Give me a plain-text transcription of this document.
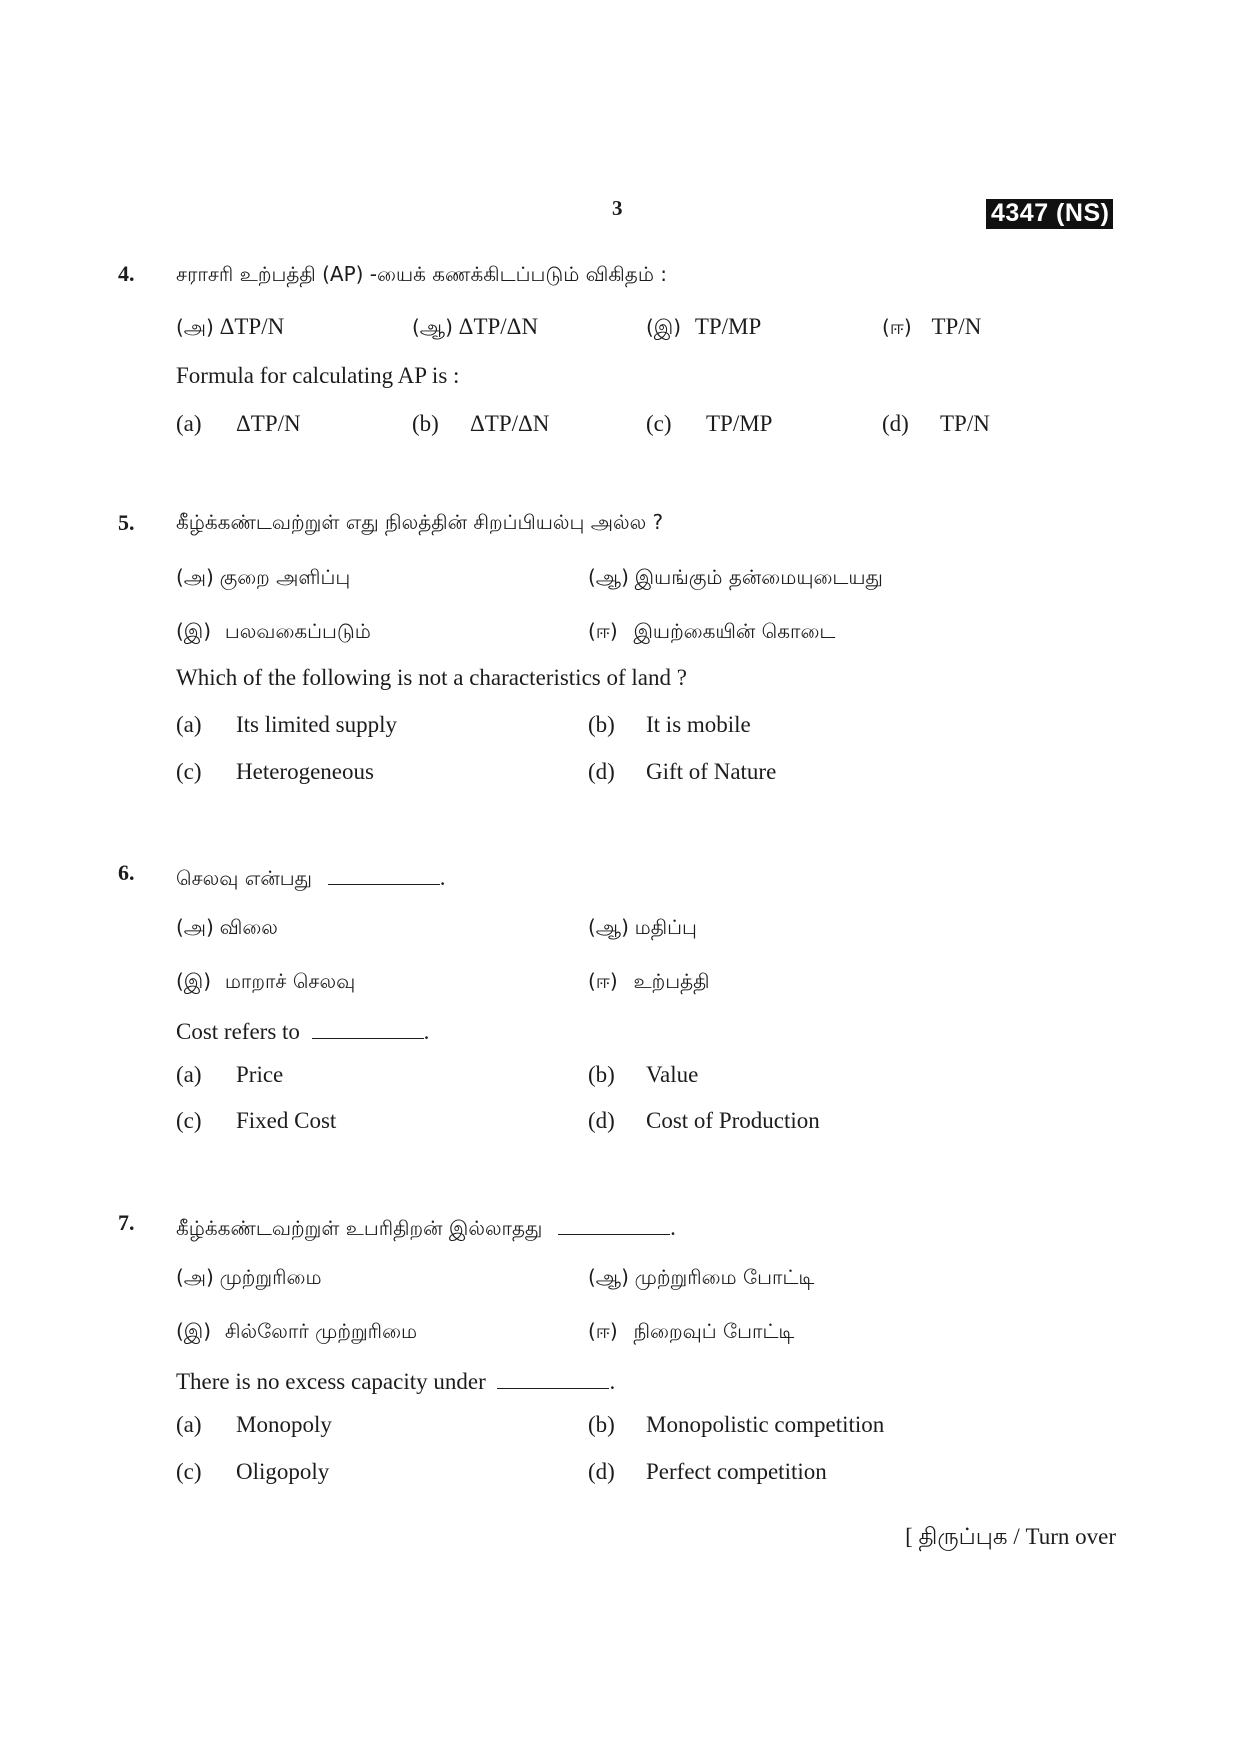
3	4347 (NS)
4. சராசரி உற்பத்தி (AP) -யைக் கணக்கிடப்படும் விகிதம் :
(அ) ΔTP/N	(ஆ) ΔTP/ΔN	(இ) TP/MP	(ஈ) TP/N
Formula for calculating AP is :
(a) ΔTP/N	(b) ΔTP/ΔN	(c) TP/MP	(d) TP/N
5. கீழ்க்கண்டவற்றுள் எது நிலத்தின் சிறப்பியல்பு அல்ல ?
(அ) குறை அளிப்பு	(ஆ) இயங்கும் தன்மையுடையது
(இ) பலவகைப்படும்	(ஈ) இயற்கையின் கொடை
Which of the following is not a characteristics of land ?
(a) Its limited supply	(b) It is mobile
(c) Heterogeneous	(d) Gift of Nature
6. செலவு என்பது	.
(அ) விலை	(ஆ) மதிப்பு
(இ) மாறாச் செலவு	(ஈ) உற்பத்தி
Cost refers to	.
(a) Price	(b) Value
(c) Fixed Cost	(d) Cost of Production
7. கீழ்க்கண்டவற்றுள் உபரிதிறன் இல்லாதது	.
(அ) முற்றுரிமை	(ஆ) முற்றுரிமை போட்டி
(இ) சில்லோர் முற்றுரிமை	(ஈ) நிறைவுப் போட்டி
There is no excess capacity under	.
(a) Monopoly	(b) Monopolistic competition
(c) Oligopoly	(d) Perfect competition
[ திருப்புக / Turn over
